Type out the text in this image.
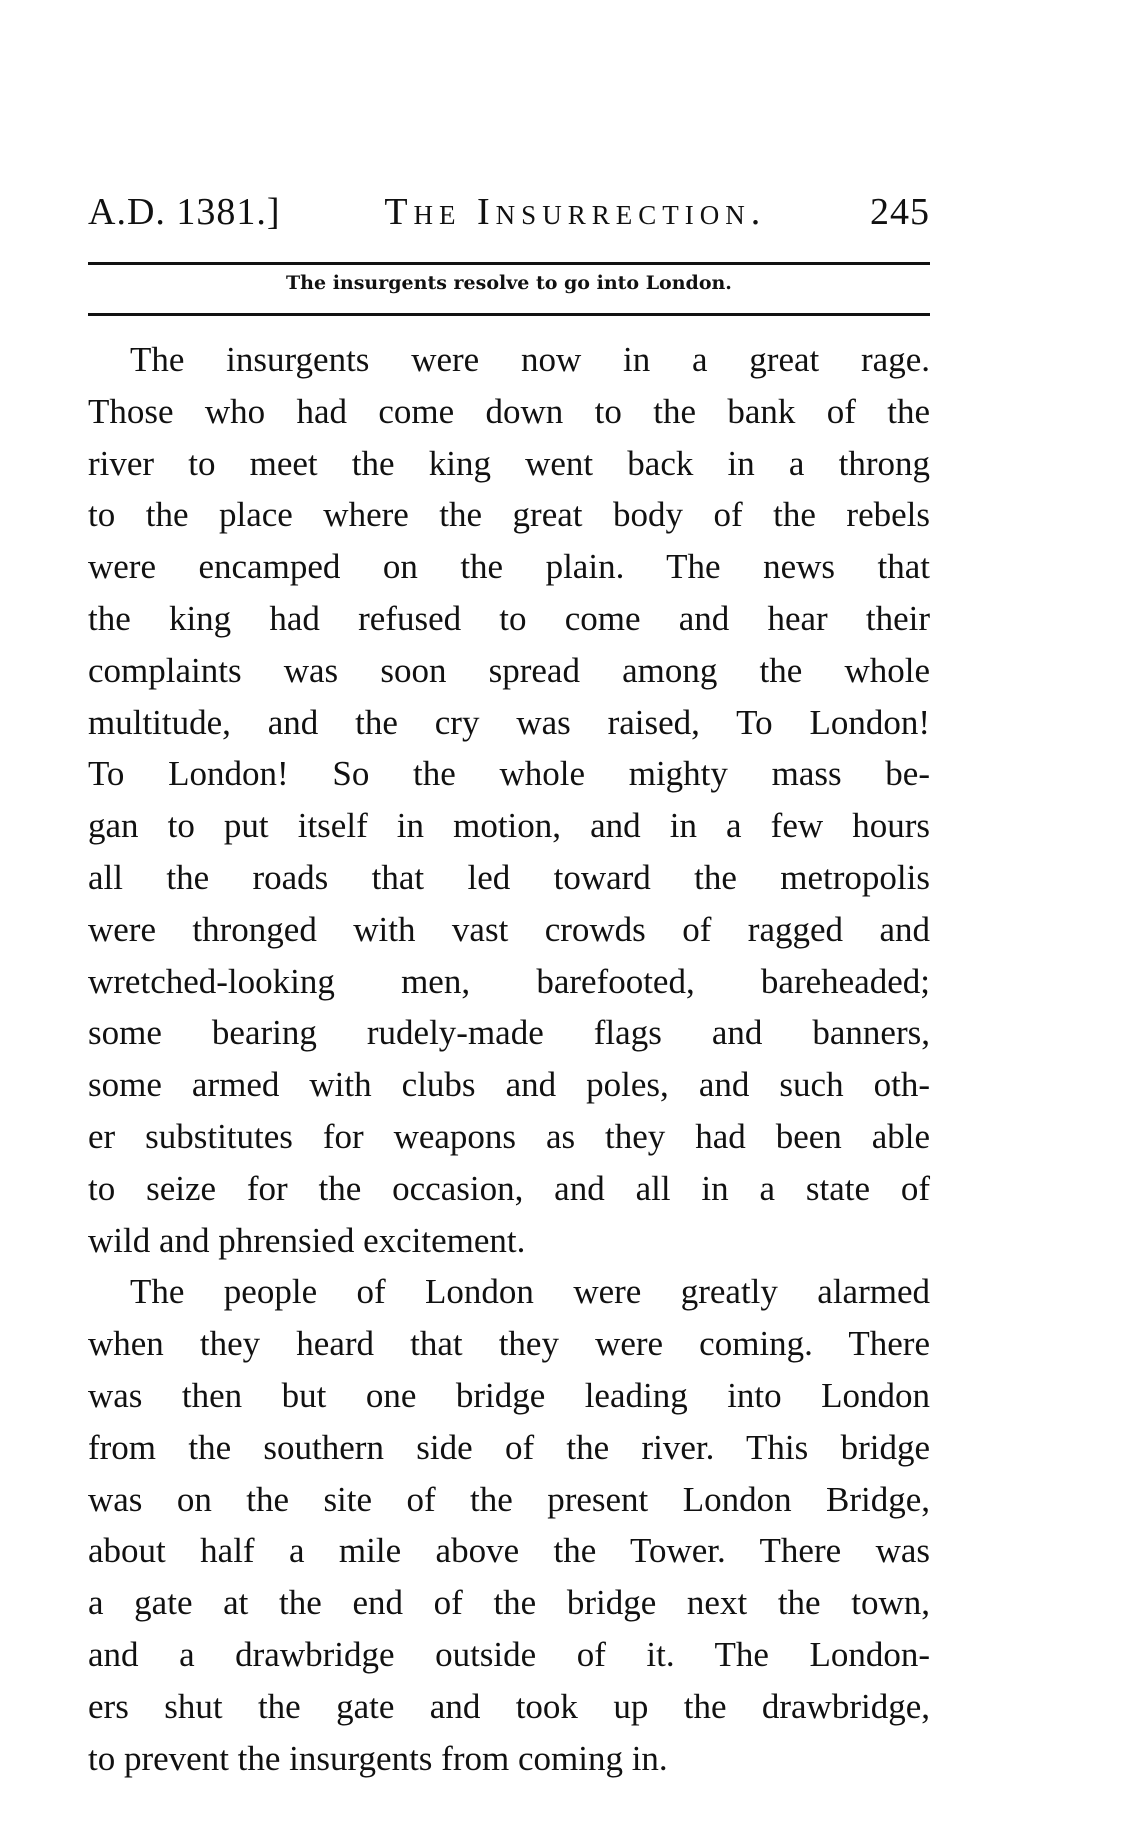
A.D. 1381.]	The Insurrection.	245
The insurgents resolve to go into London.
The insurgents were now in a great rage.
Those who had come down to the bank of the
river to meet the king went back in a throng
to the place where the great body of the rebels
were encamped on the plain. The news that
the king had refused to come and hear their
complaints was soon spread among the whole
multitude, and the cry was raised, To London!
To London! So the whole mighty mass be-
gan to put itself in motion, and in a few hours
all the roads that led toward the metropolis
were thronged with vast crowds of ragged and
wretched-looking men, barefooted, bareheaded;
some bearing rudely-made flags and banners,
some armed with clubs and poles, and such oth-
er substitutes for weapons as they had been able
to seize for the occasion, and all in a state of
wild and phrensied excitement.
The people of London were greatly alarmed
when they heard that they were coming. There
was then but one bridge leading into London
from the southern side of the river. This bridge
was on the site of the present London Bridge,
about half a mile above the Tower. There was
a gate at the end of the bridge next the town,
and a drawbridge outside of it. The London-
ers shut the gate and took up the drawbridge,
to prevent the insurgents from coming in.
